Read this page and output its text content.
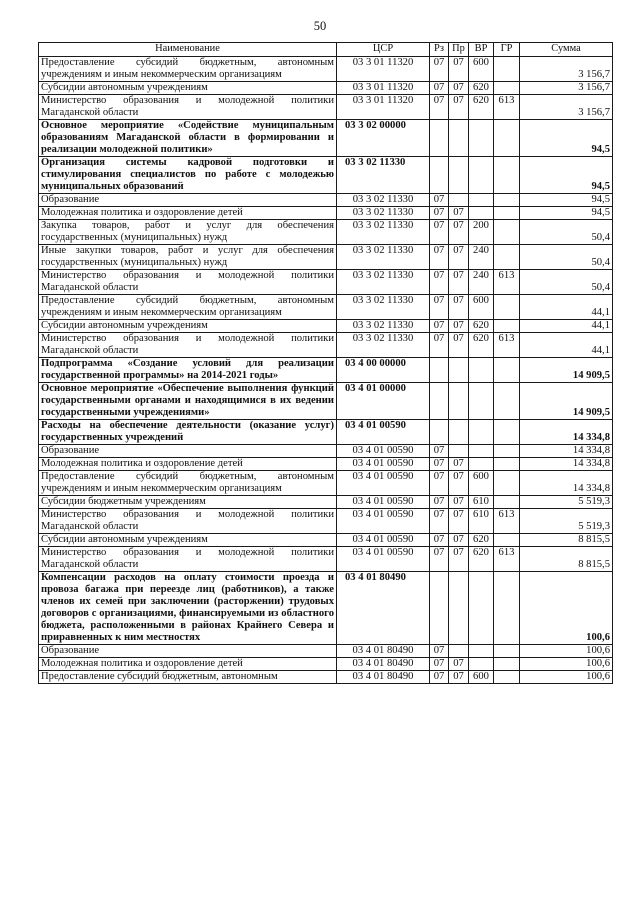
50
Наименование	ЦСР	Рз	Пр	ВР	ГР	Сумма
Предоставление субсидий бюджетным, автономным учреждениям и иным некоммерческим организациям	03 3 01 11320	07	07	600		3 156,7
Субсидии автономным учреждениям	03 3 01 11320	07	07	620		3 156,7
Министерство образования и молодежной политики Магаданской области	03 3 01 11320	07	07	620	613	3 156,7
Основное мероприятие «Содействие муниципальным образованиям Магаданской области в формировании и реализации молодежной политики»	03 3 02 00000					94,5
Организация системы кадровой подготовки и стимулирования специалистов по работе с молодежью муниципальных образований	03 3 02 11330					94,5
Образование	03 3 02 11330	07				94,5
Молодежная политика и оздоровление детей	03 3 02 11330	07	07			94,5
Закупка товаров, работ и услуг для обеспечения государственных (муниципальных) нужд	03 3 02 11330	07	07	200		50,4
Иные закупки товаров, работ и услуг для обеспечения государственных (муниципальных) нужд	03 3 02 11330	07	07	240		50,4
Министерство образования и молодежной политики Магаданской области	03 3 02 11330	07	07	240	613	50,4
Предоставление субсидий бюджетным, автономным учреждениям и иным некоммерческим организациям	03 3 02 11330	07	07	600		44,1
Субсидии автономным учреждениям	03 3 02 11330	07	07	620		44,1
Министерство образования и молодежной политики Магаданской области	03 3 02 11330	07	07	620	613	44,1
Подпрограмма «Создание условий для реализации государственной программы» на 2014-2021 годы»	03 4 00 00000					14 909,5
Основное мероприятие «Обеспечение выполнения функций государственными органами и находящимися в их ведении государственными учреждениями»	03 4 01 00000					14 909,5
Расходы на обеспечение деятельности (оказание услуг) государственных учреждений	03 4 01 00590					14 334,8
Образование	03 4 01 00590	07				14 334,8
Молодежная политика и оздоровление детей	03 4 01 00590	07	07			14 334,8
Предоставление субсидий бюджетным, автономным учреждениям и иным некоммерческим организациям	03 4 01 00590	07	07	600		14 334,8
Субсидии бюджетным учреждениям	03 4 01 00590	07	07	610		5 519,3
Министерство образования и молодежной политики Магаданской области	03 4 01 00590	07	07	610	613	5 519,3
Субсидии автономным учреждениям	03 4 01 00590	07	07	620		8 815,5
Министерство образования и молодежной политики Магаданской области	03 4 01 00590	07	07	620	613	8 815,5
Компенсации расходов на оплату стоимости проезда и провоза багажа при переезде лиц (работников), а также членов их семей при заключении (расторжении) трудовых договоров с организациями, финансируемыми из областного бюджета, расположенными в районах Крайнего Севера и приравненных к ним местностях	03 4 01 80490					100,6
Образование	03 4 01 80490	07				100,6
Молодежная политика и оздоровление детей	03 4 01 80490	07	07			100,6
Предоставление субсидий бюджетным, автономным	03 4 01 80490	07	07	600		100,6
